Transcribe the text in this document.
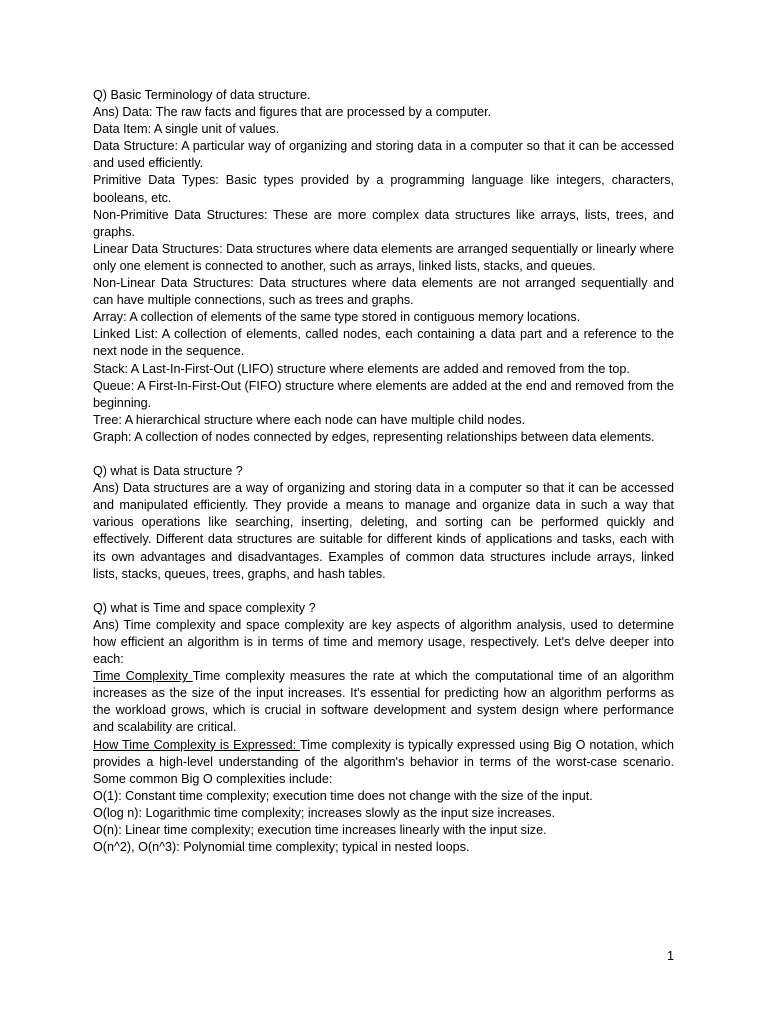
Q) Basic Terminology of data structure.

Ans) Data: The raw facts and figures that are processed by a computer.

Data Item: A single unit of values.

Data Structure: A particular way of organizing and storing data in a computer so that it can be accessed and used efficiently.

Primitive Data Types: Basic types provided by a programming language like integers, characters, booleans, etc.

Non-Primitive Data Structures: These are more complex data structures like arrays, lists, trees, and graphs.

Linear Data Structures: Data structures where data elements are arranged sequentially or linearly where only one element is connected to another, such as arrays, linked lists, stacks, and queues.

Non-Linear Data Structures: Data structures where data elements are not arranged sequentially and can have multiple connections, such as trees and graphs.

Array: A collection of elements of the same type stored in contiguous memory locations.

Linked List: A collection of elements, called nodes, each containing a data part and a reference to the next node in the sequence.

Stack: A Last-In-First-Out (LIFO) structure where elements are added and removed from the top.

Queue: A First-In-First-Out (FIFO) structure where elements are added at the end and removed from the beginning.

Tree: A hierarchical structure where each node can have multiple child nodes.

Graph: A collection of nodes connected by edges, representing relationships between data elements.

Q) what is Data structure ?

Ans) Data structures are a way of organizing and storing data in a computer so that it can be accessed and manipulated efficiently. They provide a means to manage and organize data in such a way that various operations like searching, inserting, deleting, and sorting can be performed quickly and effectively. Different data structures are suitable for different kinds of applications and tasks, each with its own advantages and disadvantages. Examples of common data structures include arrays, linked lists, stacks, queues, trees, graphs, and hash tables.

Q) what is Time and space complexity ?

Ans) Time complexity and space complexity are key aspects of algorithm analysis, used to determine how efficient an algorithm is in terms of time and memory usage, respectively. Let's delve deeper into each:

Time Complexity Time complexity measures the rate at which the computational time of an algorithm increases as the size of the input increases. It's essential for predicting how an algorithm performs as the workload grows, which is crucial in software development and system design where performance and scalability are critical.

How Time Complexity is Expressed: Time complexity is typically expressed using Big O notation, which provides a high-level understanding of the algorithm's behavior in terms of the worst-case scenario. Some common Big O complexities include:

O(1): Constant time complexity; execution time does not change with the size of the input.

O(log n): Logarithmic time complexity; increases slowly as the input size increases.

O(n): Linear time complexity; execution time increases linearly with the input size.

O(n^2), O(n^3): Polynomial time complexity; typical in nested loops.

1
